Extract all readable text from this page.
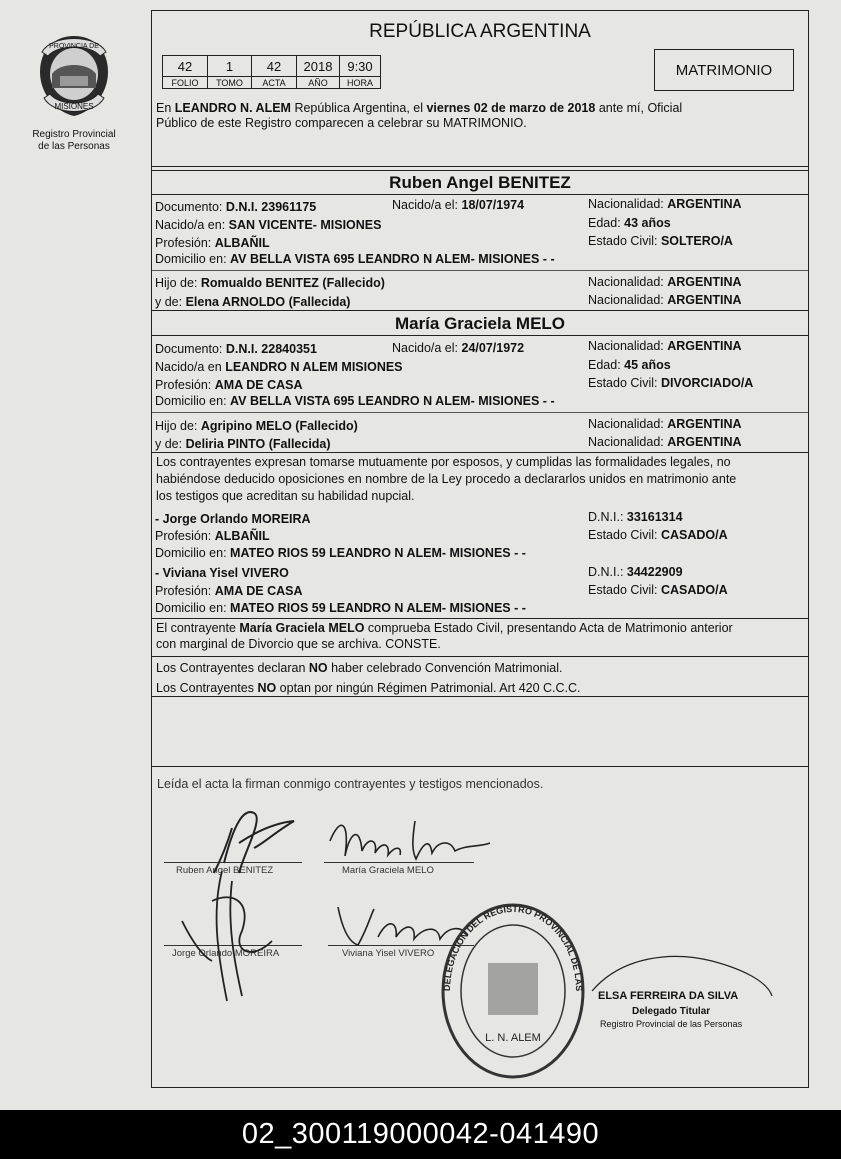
PROVINCIA DE
MISIONES
Registro Provincial
de las Personas
REPÚBLICA ARGENTINA
42	1	42	2018	9:30
FOLIO	TOMO	ACTA	AÑO	HORA
MATRIMONIO
En LEANDRO N. ALEM República Argentina, el viernes 02 de marzo de 2018 ante mí, Oficial
Público de este Registro comparecen a celebrar su MATRIMONIO.
Ruben Angel BENITEZ
Documento: D.N.I. 23961175	Nacido/a el: 18/07/1974	Nacionalidad: ARGENTINA
Nacido/a en: SAN VICENTE- MISIONES	Edad: 43 años
Profesión: ALBAÑIL	Estado Civil: SOLTERO/A
Domicilio en: AV BELLA VISTA 695 LEANDRO N ALEM- MISIONES - -
Hijo de: Romualdo BENITEZ (Fallecido)	Nacionalidad: ARGENTINA
y de: Elena ARNOLDO (Fallecida)	Nacionalidad: ARGENTINA
María Graciela MELO
Documento: D.N.I. 22840351	Nacido/a el: 24/07/1972	Nacionalidad: ARGENTINA
Nacido/a en LEANDRO N ALEM MISIONES	Edad: 45 años
Profesión: AMA DE CASA	Estado Civil: DIVORCIADO/A
Domicilio en: AV BELLA VISTA 695 LEANDRO N ALEM- MISIONES - -
Hijo de: Agripino MELO (Fallecido)	Nacionalidad: ARGENTINA
y de: Deliria PINTO (Fallecida)	Nacionalidad: ARGENTINA
Los contrayentes expresan tomarse mutuamente por esposos, y cumplidas las formalidades legales, no
habiéndose deducido oposiciones en nombre de la Ley procedo a declararlos unidos en matrimonio ante
los testigos que acreditan su habilidad nupcial.
- Jorge Orlando MOREIRA	D.N.I.: 33161314
Profesión: ALBAÑIL	Estado Civil: CASADO/A
Domicilio en: MATEO RIOS 59 LEANDRO N ALEM- MISIONES - -
- Viviana Yisel VIVERO	D.N.I.: 34422909
Profesión: AMA DE CASA	Estado Civil: CASADO/A
Domicilio en: MATEO RIOS 59 LEANDRO N ALEM- MISIONES - -
El contrayente María Graciela MELO comprueba Estado Civil, presentando Acta de Matrimonio anterior
con marginal de Divorcio que se archiva. CONSTE.
Los Contrayentes declaran NO haber celebrado Convención Matrimonial.
Los Contrayentes NO optan por ningún Régimen Patrimonial. Art 420 C.C.C.
Leída el acta la firman conmigo contrayentes y testigos mencionados.
Ruben Angel BENITEZ	María Graciela MELO
Jorge Orlando MOREIRA	Viviana Yisel VIVERO
L. N. ALEM
DELEGACION DEL REGISTRO PROVINCIAL DE LAS PERSONAS
ELSA FERREIRA DA SILVA
Delegado Titular
Registro Provincial de las Personas
02_300119000042-041490
